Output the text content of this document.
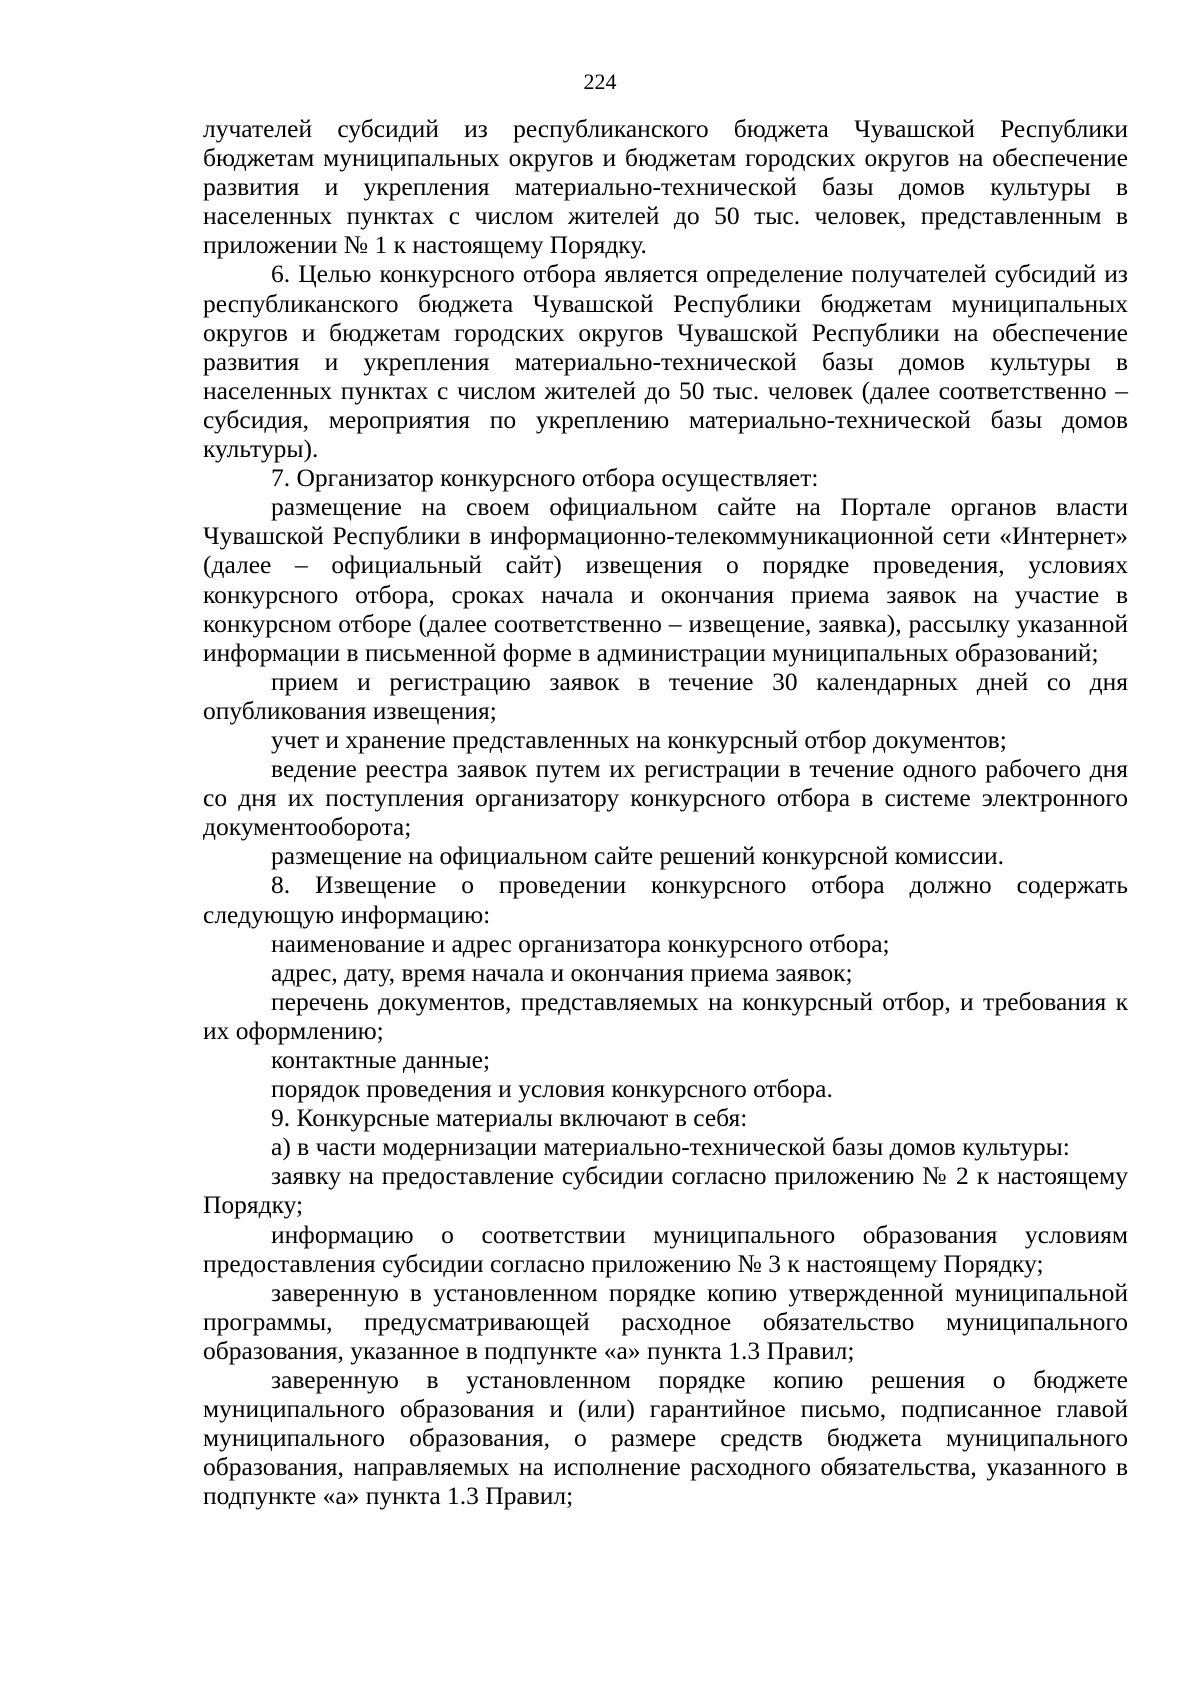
224

лучателей субсидий из республиканского бюджета Чувашской Республики бюджетам муниципальных округов и бюджетам городских округов на обеспечение развития и укрепления материально-технической базы домов культуры в населенных пунктах с числом жителей до 50 тыс. человек, представленным в приложении № 1 к настоящему Порядку.

6. Целью конкурсного отбора является определение получателей субсидий из республиканского бюджета Чувашской Республики бюджетам муниципальных округов и бюджетам городских округов Чувашской Республики на обеспечение развития и укрепления материально-технической базы домов культуры в населенных пунктах с числом жителей до 50 тыс. человек (далее соответственно – субсидия, мероприятия по укреплению материально-технической базы домов культуры).

7. Организатор конкурсного отбора осуществляет:

размещение на своем официальном сайте на Портале органов власти Чувашской Республики в информационно-телекоммуникационной сети «Интернет» (далее – официальный сайт) извещения о порядке проведения, условиях конкурсного отбора, сроках начала и окончания приема заявок на участие в конкурсном отборе (далее соответственно – извещение, заявка), рассылку указанной информации в письменной форме в администрации муниципальных образований;

прием и регистрацию заявок в течение 30 календарных дней со дня опубликования извещения;

учет и хранение представленных на конкурсный отбор документов;

ведение реестра заявок путем их регистрации в течение одного рабочего дня со дня их поступления организатору конкурсного отбора в системе электронного документооборота;

размещение на официальном сайте решений конкурсной комиссии.

8. Извещение о проведении конкурсного отбора должно содержать следующую информацию:

наименование и адрес организатора конкурсного отбора;

адрес, дату, время начала и окончания приема заявок;

перечень документов, представляемых на конкурсный отбор, и требования к их оформлению;

контактные данные;

порядок проведения и условия конкурсного отбора.

9. Конкурсные материалы включают в себя:

а) в части модернизации материально-технической базы домов культуры:

заявку на предоставление субсидии согласно приложению № 2 к настоящему Порядку;

информацию о соответствии муниципального образования условиям предоставления субсидии согласно приложению № 3 к настоящему Порядку;

заверенную в установленном порядке копию утвержденной муниципальной программы, предусматривающей расходное обязательство муниципального образования, указанное в подпункте «а» пункта 1.3 Правил;

заверенную в установленном порядке копию решения о бюджете муниципального образования и (или) гарантийное письмо, подписанное главой муниципального образования, о размере средств бюджета муниципального образования, направляемых на исполнение расходного обязательства, указанного в подпункте «а» пункта 1.3 Правил;
